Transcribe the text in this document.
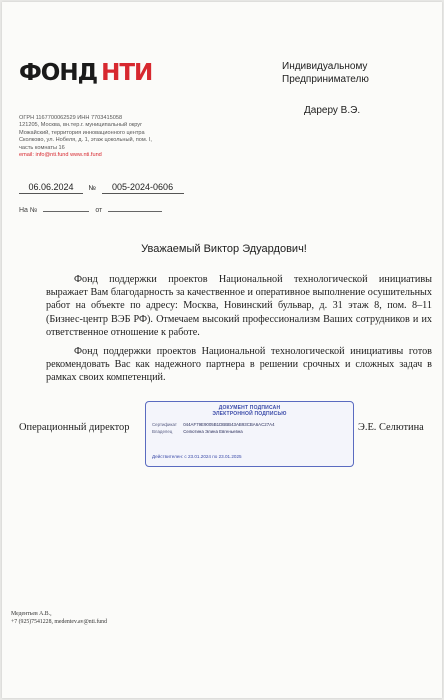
ФОНД НТИ	Индивидуальному
Предпринимателю
Дареру В.Э.
ОГРН 1167700062529 ИНН 7703415058
121205, Москва, вн.тер.г. муниципальный округ
Можайский, территория инновационного центра
Сколково, ул. Нобеля, д. 1, этаж цокольный, пом. I,
часть комнаты 16
email: info@nti.fund www.nti.fund
06.06.2024 № 005-2024-0606
На №	от
Уважаемый Виктор Эдуардович!

Фонд поддержки проектов Национальной технологической инициативы выражает Вам благодарность за качественное и оперативное выполнение осушительных работ на объекте по адресу: Москва, Новинский бульвар, д. 31 этаж 8, пом. 8–11 (Бизнес-центр ВЭБ РФ). Отмечаем высокий профессионализм Ваших сотрудников и их ответственное отношение к работе.

Фонд поддержки проектов Национальной технологической инициативы готов рекомендовать Вас как надежного партнера в решении срочных и сложных задач в рамках своих компетенций.

ДОКУМЕНТ ПОДПИСАН
ЭЛЕКТРОННОЙ ПОДПИСЬЮ
Сертификат 044AF79E9005B1DBBB43AB93CBA6AC27A4
Владелец Селютина Элина Евгеньевна
Действителен: с 23.01.2024 по 23.01.2025
Операционный директор	Э.Е. Селютина
Медентьев А.В.,
+7 (925)7541228, medentev.av@nti.fund
